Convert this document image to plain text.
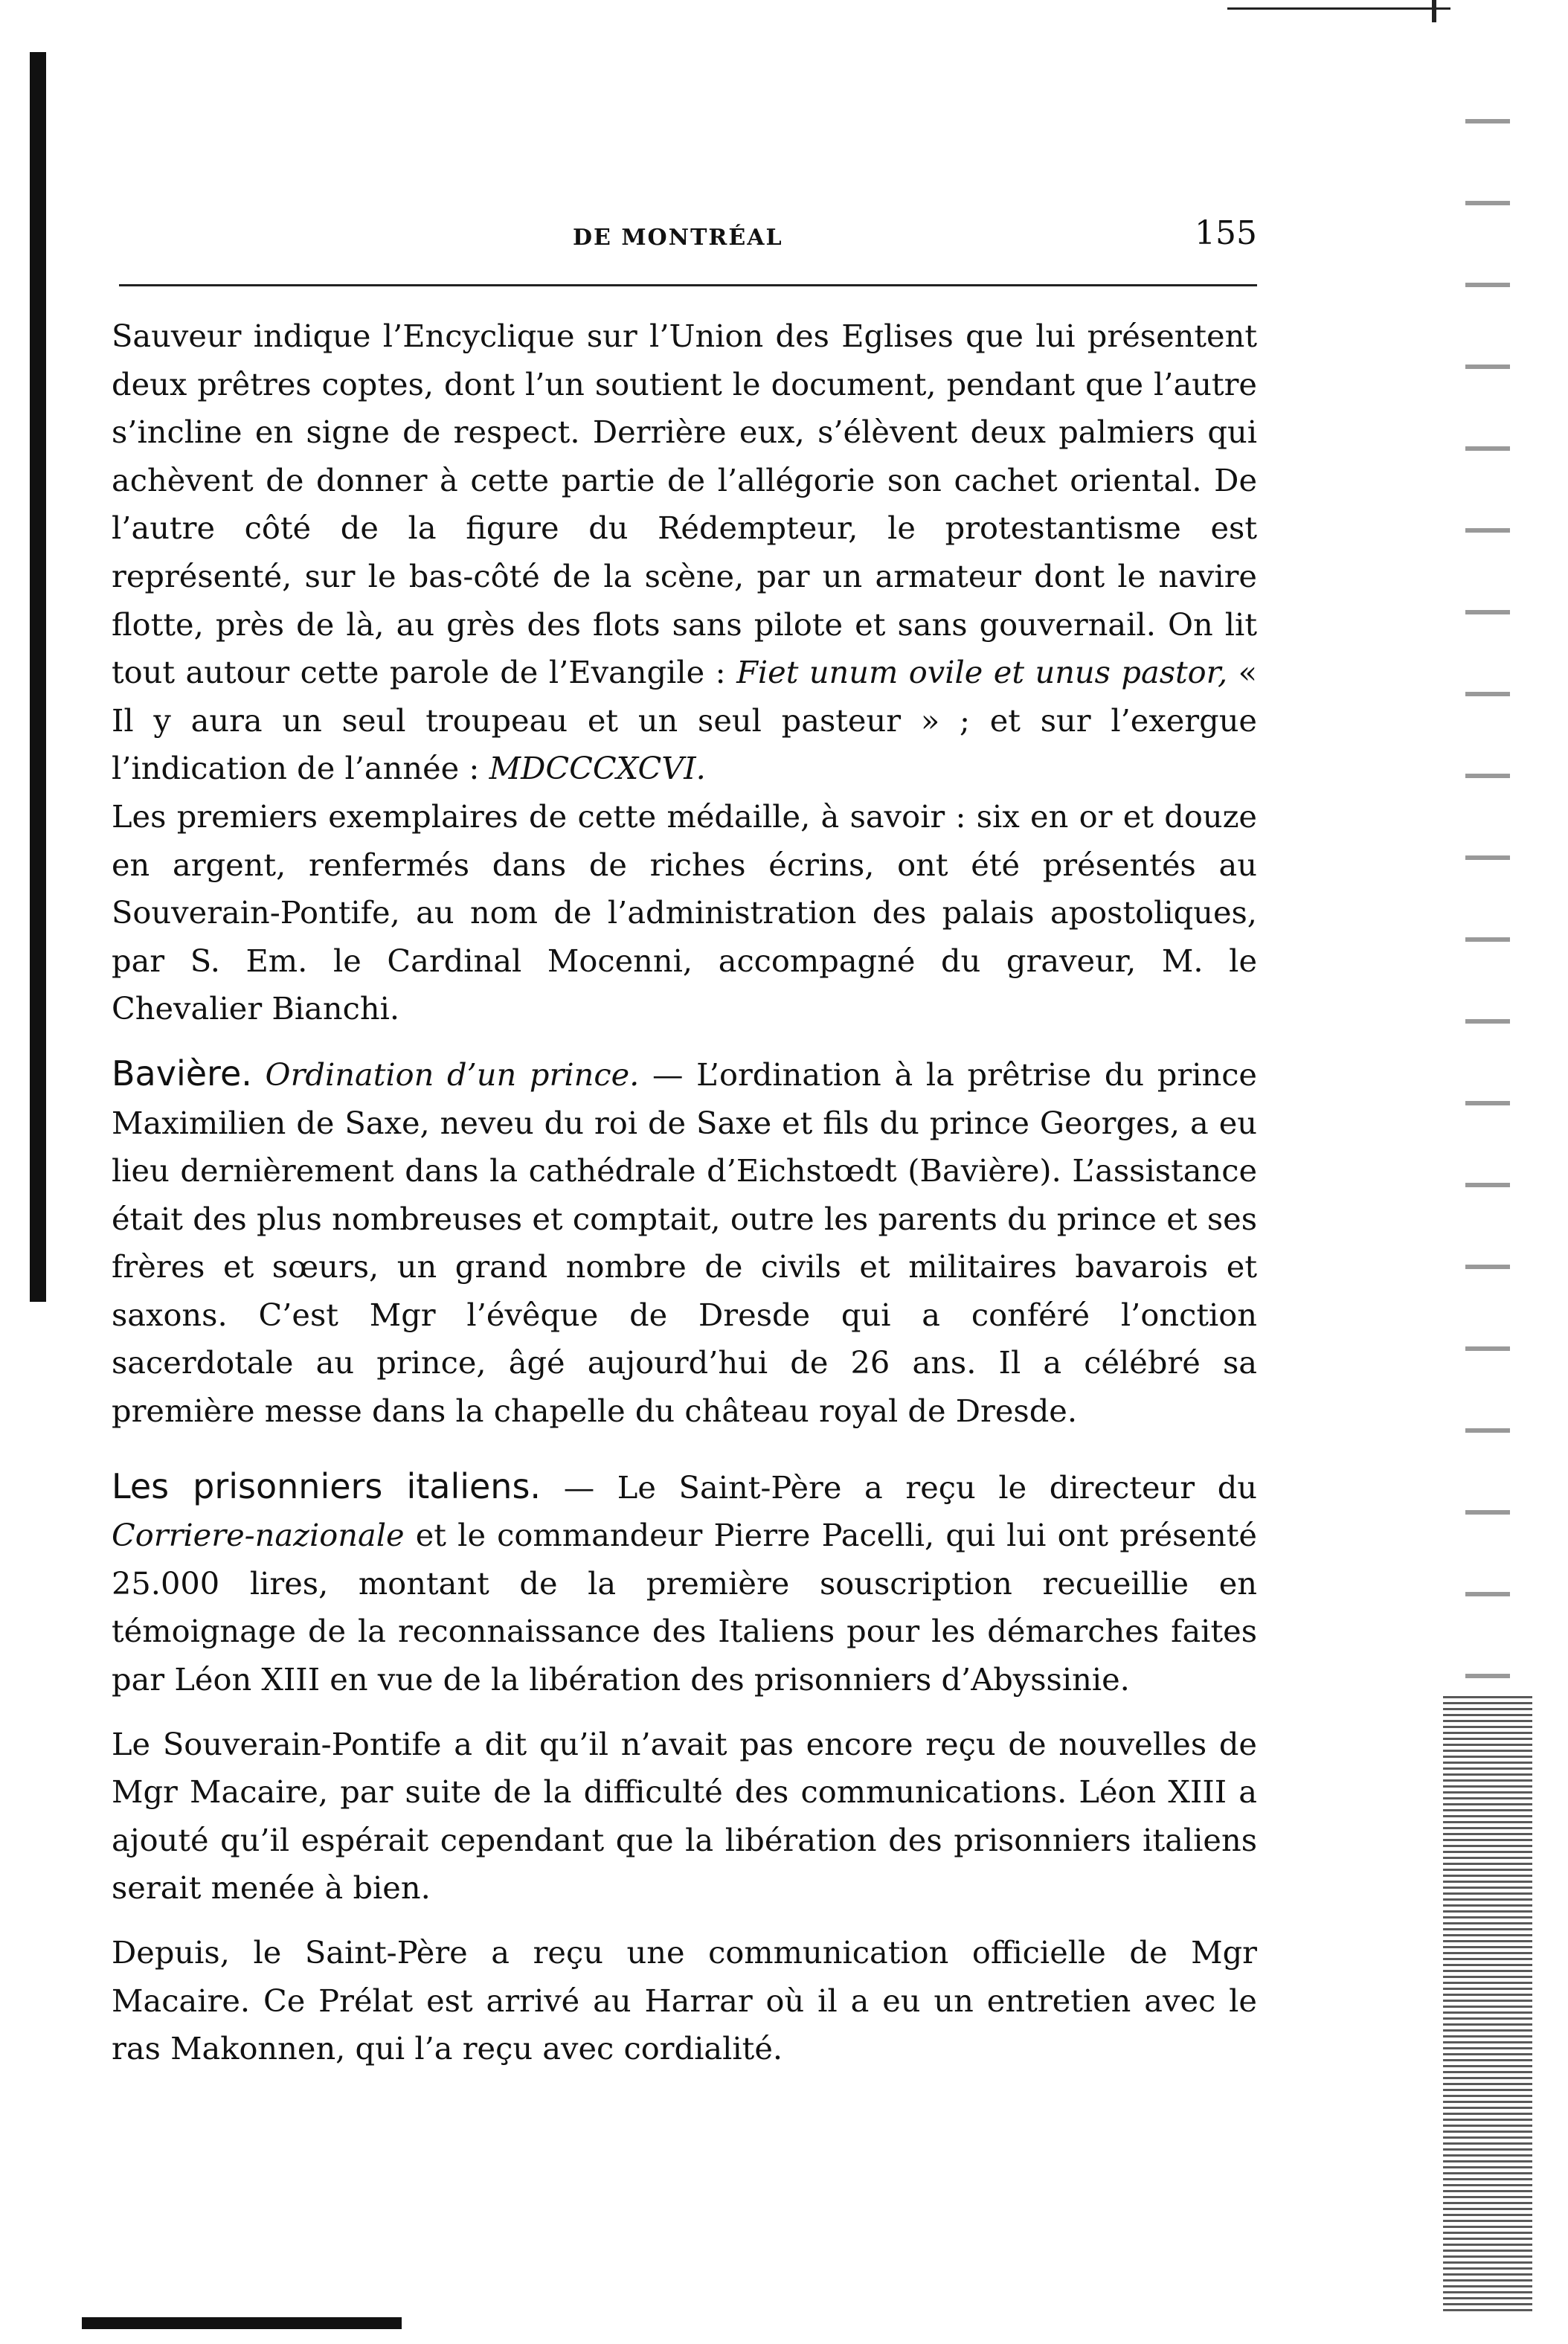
DE MONTRÉAL	155

Sauveur indique l’Encyclique sur l’Union des Eglises que lui présentent deux prêtres coptes, dont l’un soutient le document, pendant que l’autre s’incline en signe de respect. Derrière eux, s’élèvent deux palmiers qui achèvent de donner à cette partie de l’allégorie son cachet oriental. De l’autre côté de la figure du Rédempteur, le protestantisme est représenté, sur le bas-côté de la scène, par un armateur dont le navire flotte, près de là, au grès des flots sans pilote et sans gouvernail. On lit tout autour cette parole de l’Evangile : Fiet unum ovile et unus pastor, « Il y aura un seul troupeau et un seul pasteur » ; et sur l’exergue l’indication de l’année : MDCCCXCVI.

Les premiers exemplaires de cette médaille, à savoir : six en or et douze en argent, renfermés dans de riches écrins, ont été présentés au Souverain-Pontife, au nom de l’administration des palais apostoliques, par S. Em. le Cardinal Mocenni, accompagné du graveur, M. le Chevalier Bianchi.

Bavière. Ordination d’un prince. — L’ordination à la prêtrise du prince Maximilien de Saxe, neveu du roi de Saxe et fils du prince Georges, a eu lieu dernièrement dans la cathédrale d’Eichstœdt (Bavière). L’assistance était des plus nombreuses et comptait, outre les parents du prince et ses frères et sœurs, un grand nombre de civils et militaires bavarois et saxons. C’est Mgr l’évêque de Dresde qui a conféré l’onction sacerdotale au prince, âgé aujourd’hui de 26 ans. Il a célébré sa première messe dans la chapelle du château royal de Dresde.

Les prisonniers italiens. — Le Saint-Père a reçu le directeur du Corriere-nazionale et le commandeur Pierre Pacelli, qui lui ont présenté 25.000 lires, montant de la première souscription recueillie en témoignage de la reconnaissance des Italiens pour les démarches faites par Léon XIII en vue de la libération des prisonniers d’Abyssinie.

Le Souverain-Pontife a dit qu’il n’avait pas encore reçu de nouvelles de Mgr Macaire, par suite de la difficulté des communications. Léon XIII a ajouté qu’il espérait cependant que la libération des prisonniers italiens serait menée à bien.

Depuis, le Saint-Père a reçu une communication officielle de Mgr Macaire. Ce Prélat est arrivé au Harrar où il a eu un entretien avec le ras Makonnen, qui l’a reçu avec cordialité.
